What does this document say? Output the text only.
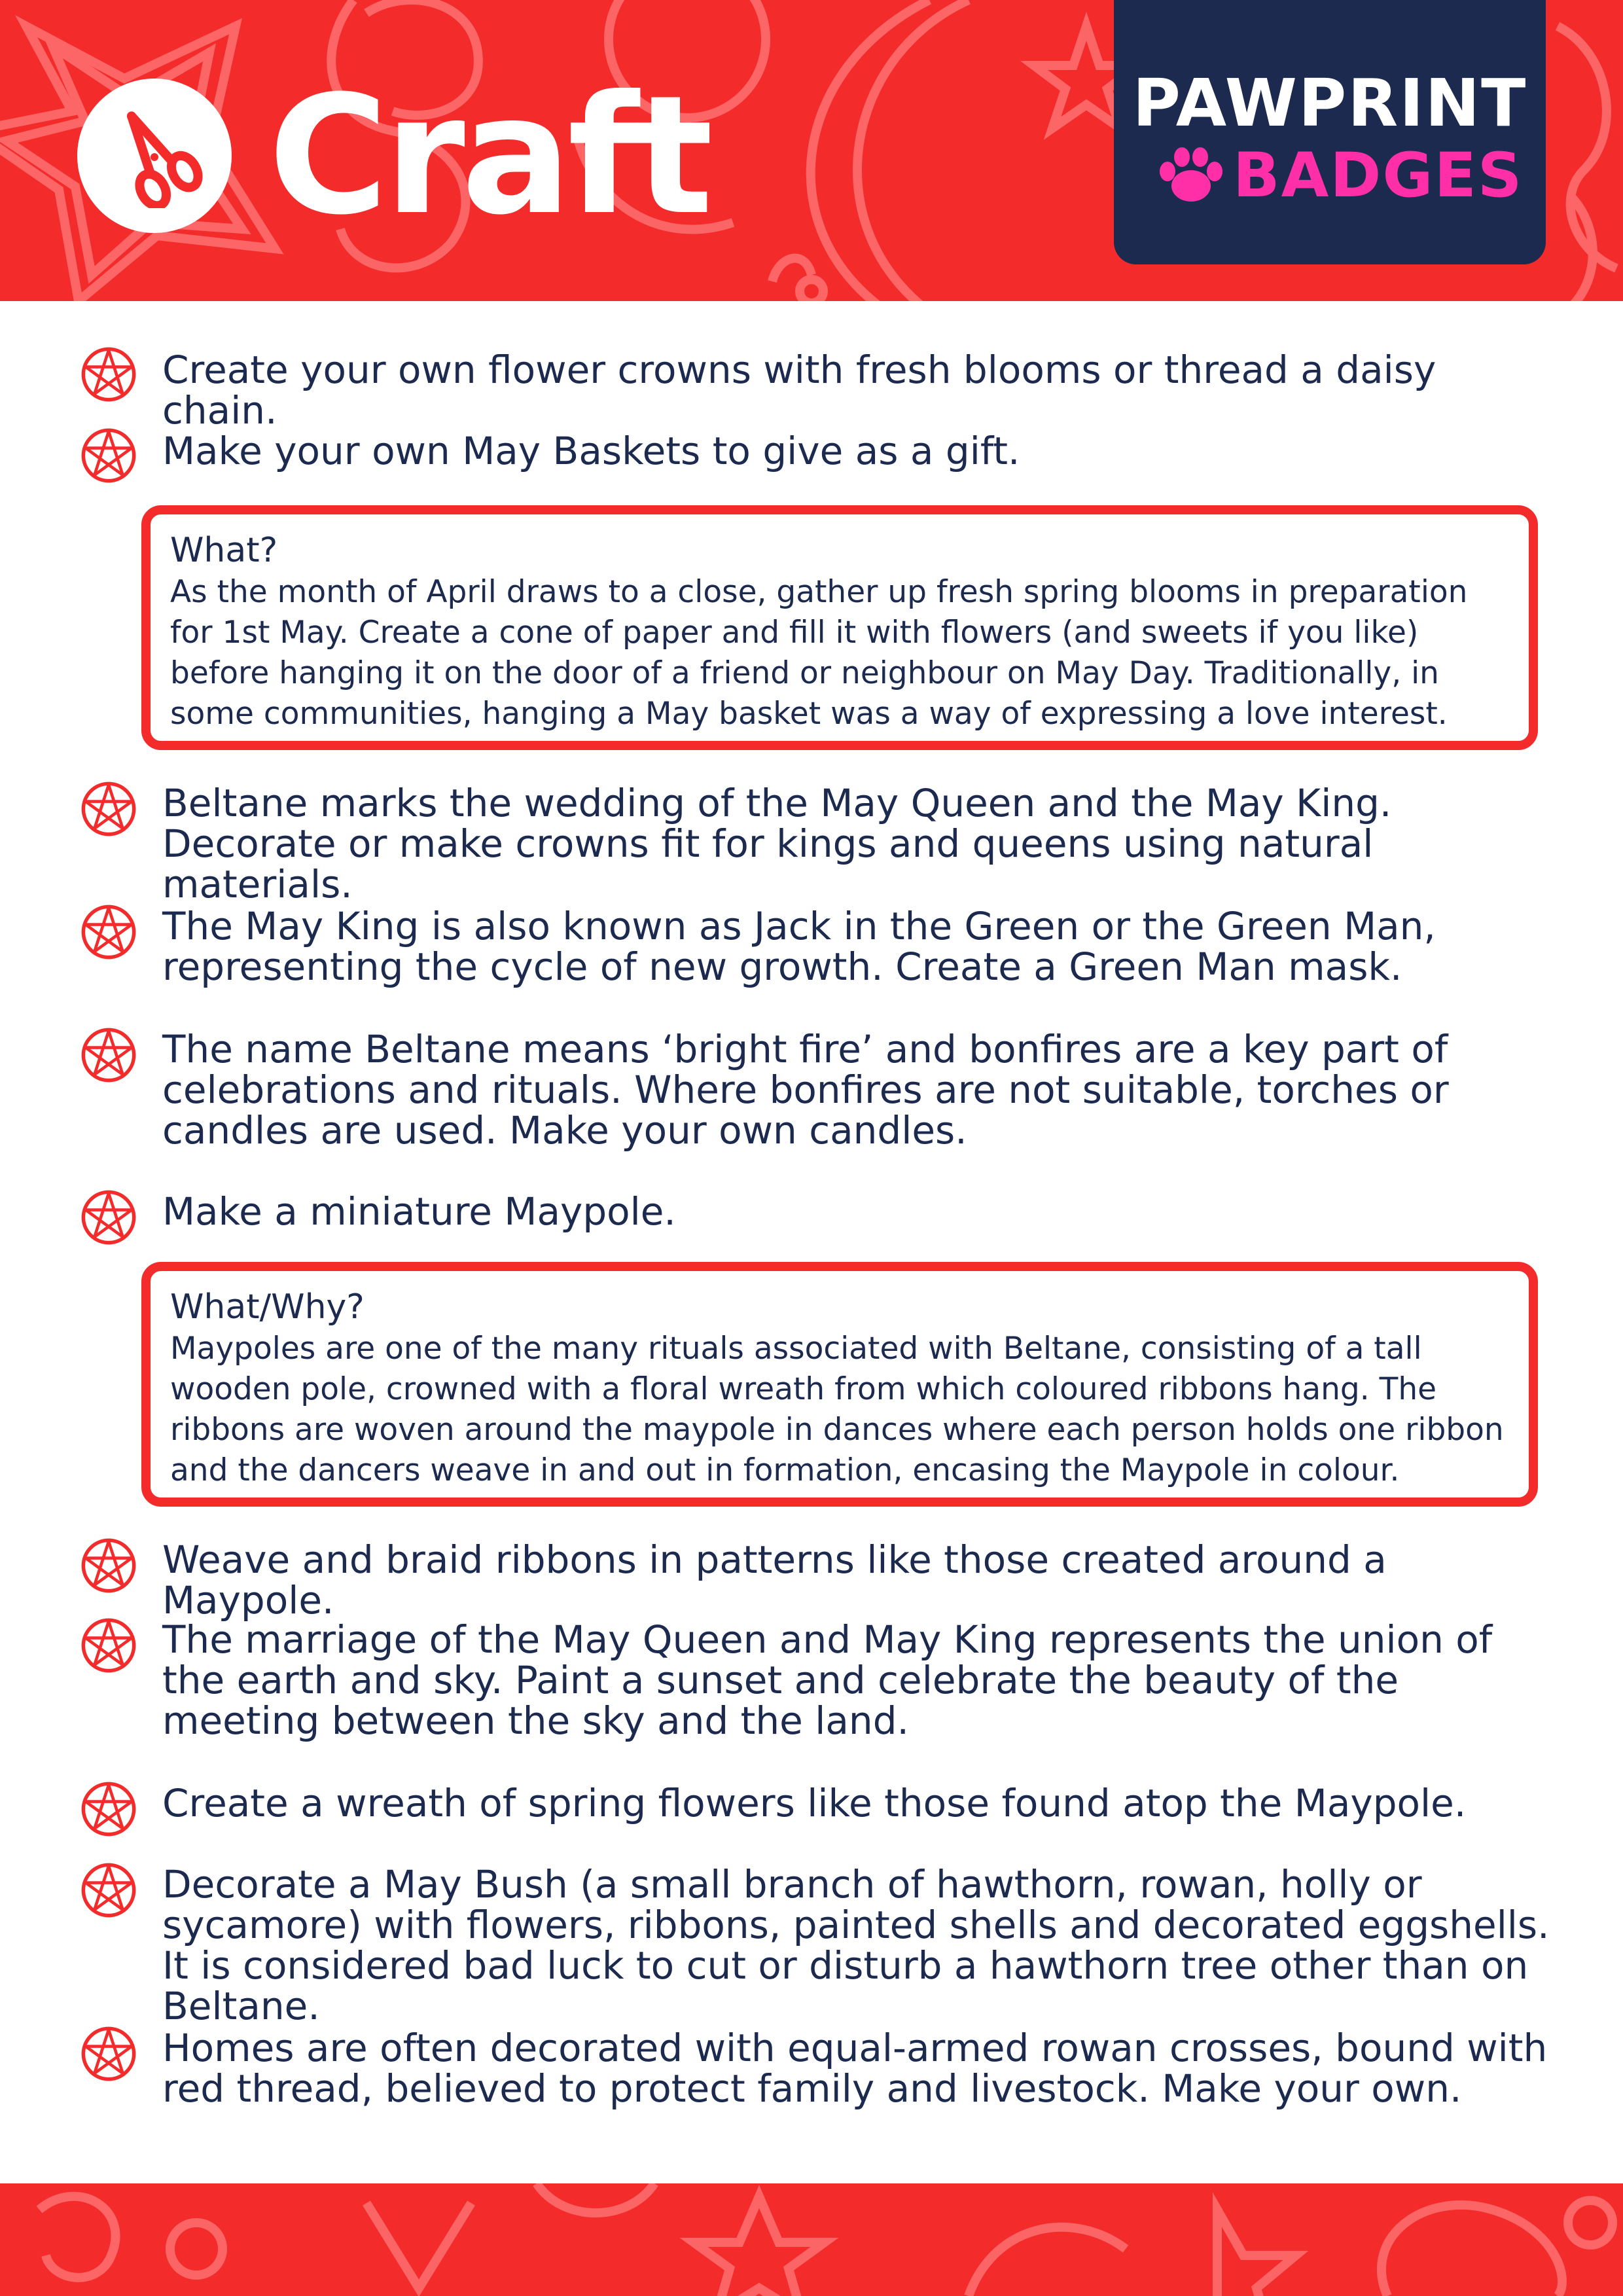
Craft	PAWPRINT
BADGES
Create your own flower crowns with fresh blooms or thread a daisy chain.
Make your own May Baskets to give as a gift.
What?
As the month of April draws to a close, gather up fresh spring blooms in preparation for 1st May. Create a cone of paper and fill it with flowers (and sweets if you like) before hanging it on the door of a friend or neighbour on May Day. Traditionally, in some communities, hanging a May basket was a way of expressing a love interest.
Beltane marks the wedding of the May Queen and the May King. Decorate or make crowns fit for kings and queens using natural materials.
The May King is also known as Jack in the Green or the Green Man, representing the cycle of new growth. Create a Green Man mask.
The name Beltane means ‘bright fire’ and bonfires are a key part of celebrations and rituals. Where bonfires are not suitable, torches or candles are used. Make your own candles.
Make a miniature Maypole.
What/Why?
Maypoles are one of the many rituals associated with Beltane, consisting of a tall wooden pole, crowned with a floral wreath from which coloured ribbons hang. The ribbons are woven around the maypole in dances where each person holds one ribbon and the dancers weave in and out in formation, encasing the Maypole in colour.
Weave and braid ribbons in patterns like those created around a Maypole.
The marriage of the May Queen and May King represents the union of the earth and sky. Paint a sunset and celebrate the beauty of the meeting between the sky and the land.
Create a wreath of spring flowers like those found atop the Maypole.
Decorate a May Bush (a small branch of hawthorn, rowan, holly or sycamore) with flowers, ribbons, painted shells and decorated eggshells. It is considered bad luck to cut or disturb a hawthorn tree other than on Beltane.
Homes are often decorated with equal-armed rowan crosses, bound with red thread, believed to protect family and livestock. Make your own.
